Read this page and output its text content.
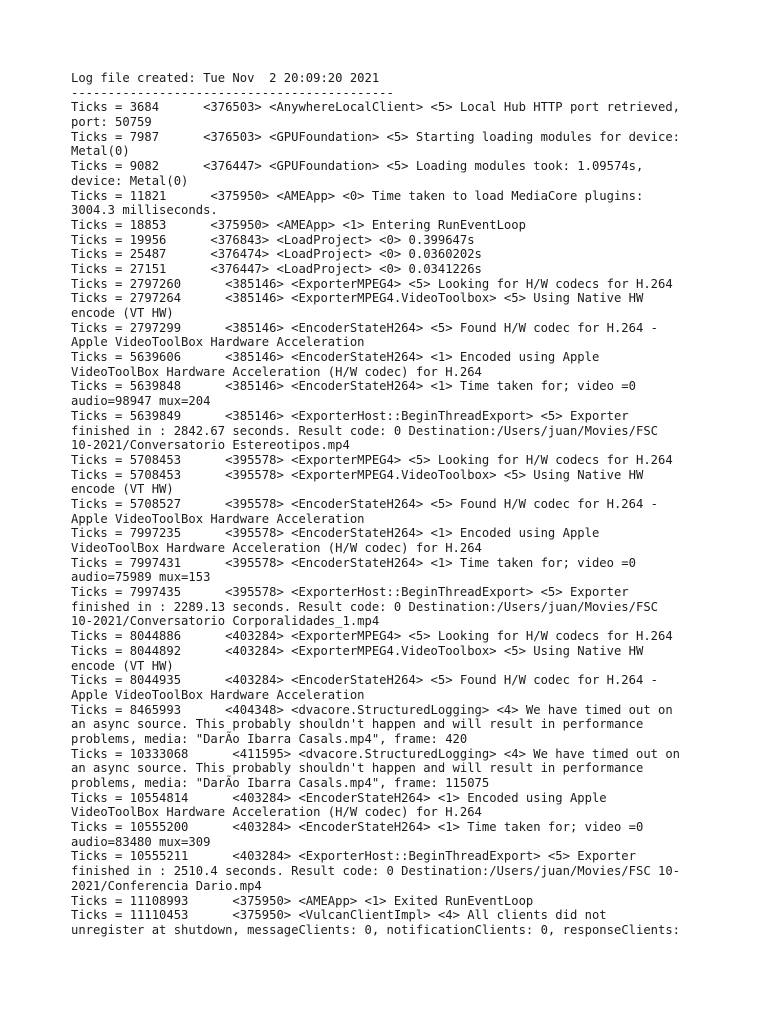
Log file created: Tue Nov  2 20:09:20 2021
--------------------------------------------
Ticks = 3684      <376503> <AnywhereLocalClient> <5> Local Hub HTTP port retrieved,
port: 50759
Ticks = 7987      <376503> <GPUFoundation> <5> Starting loading modules for device:
Metal(0)
Ticks = 9082      <376447> <GPUFoundation> <5> Loading modules took: 1.09574s,
device: Metal(0)
Ticks = 11821      <375950> <AMEApp> <0> Time taken to load MediaCore plugins:
3004.3 milliseconds.
Ticks = 18853      <375950> <AMEApp> <1> Entering RunEventLoop
Ticks = 19956      <376843> <LoadProject> <0> 0.399647s
Ticks = 25487      <376474> <LoadProject> <0> 0.0360202s
Ticks = 27151      <376447> <LoadProject> <0> 0.0341226s
Ticks = 2797260      <385146> <ExporterMPEG4> <5> Looking for H/W codecs for H.264
Ticks = 2797264      <385146> <ExporterMPEG4.VideoToolbox> <5> Using Native HW
encode (VT HW)
Ticks = 2797299      <385146> <EncoderStateH264> <5> Found H/W codec for H.264 -
Apple VideoToolBox Hardware Acceleration
Ticks = 5639606      <385146> <EncoderStateH264> <1> Encoded using Apple
VideoToolBox Hardware Acceleration (H/W codec) for H.264
Ticks = 5639848      <385146> <EncoderStateH264> <1> Time taken for; video =0
audio=98947 mux=204
Ticks = 5639849      <385146> <ExporterHost::BeginThreadExport> <5> Exporter
finished in : 2842.67 seconds. Result code: 0 Destination:/Users/juan/Movies/FSC
10-2021/Conversatorio Estereotipos.mp4
Ticks = 5708453      <395578> <ExporterMPEG4> <5> Looking for H/W codecs for H.264
Ticks = 5708453      <395578> <ExporterMPEG4.VideoToolbox> <5> Using Native HW
encode (VT HW)
Ticks = 5708527      <395578> <EncoderStateH264> <5> Found H/W codec for H.264 -
Apple VideoToolBox Hardware Acceleration
Ticks = 7997235      <395578> <EncoderStateH264> <1> Encoded using Apple
VideoToolBox Hardware Acceleration (H/W codec) for H.264
Ticks = 7997431      <395578> <EncoderStateH264> <1> Time taken for; video =0
audio=75989 mux=153
Ticks = 7997435      <395578> <ExporterHost::BeginThreadExport> <5> Exporter
finished in : 2289.13 seconds. Result code: 0 Destination:/Users/juan/Movies/FSC
10-2021/Conversatorio Corporalidades_1.mp4
Ticks = 8044886      <403284> <ExporterMPEG4> <5> Looking for H/W codecs for H.264
Ticks = 8044892      <403284> <ExporterMPEG4.VideoToolbox> <5> Using Native HW
encode (VT HW)
Ticks = 8044935      <403284> <EncoderStateH264> <5> Found H/W codec for H.264 -
Apple VideoToolBox Hardware Acceleration
Ticks = 8465993      <404348> <dvacore.StructuredLogging> <4> We have timed out on
an async source. This probably shouldn't happen and will result in performance
problems, media: "DarÃo Ibarra Casals.mp4", frame: 420
Ticks = 10333068      <411595> <dvacore.StructuredLogging> <4> We have timed out on
an async source. This probably shouldn't happen and will result in performance
problems, media: "DarÃo Ibarra Casals.mp4", frame: 115075
Ticks = 10554814      <403284> <EncoderStateH264> <1> Encoded using Apple
VideoToolBox Hardware Acceleration (H/W codec) for H.264
Ticks = 10555200      <403284> <EncoderStateH264> <1> Time taken for; video =0
audio=83480 mux=309
Ticks = 10555211      <403284> <ExporterHost::BeginThreadExport> <5> Exporter
finished in : 2510.4 seconds. Result code: 0 Destination:/Users/juan/Movies/FSC 10-
2021/Conferencia Dario.mp4
Ticks = 11108993      <375950> <AMEApp> <1> Exited RunEventLoop
Ticks = 11110453      <375950> <VulcanClientImpl> <4> All clients did not
unregister at shutdown, messageClients: 0, notificationClients: 0, responseClients:
